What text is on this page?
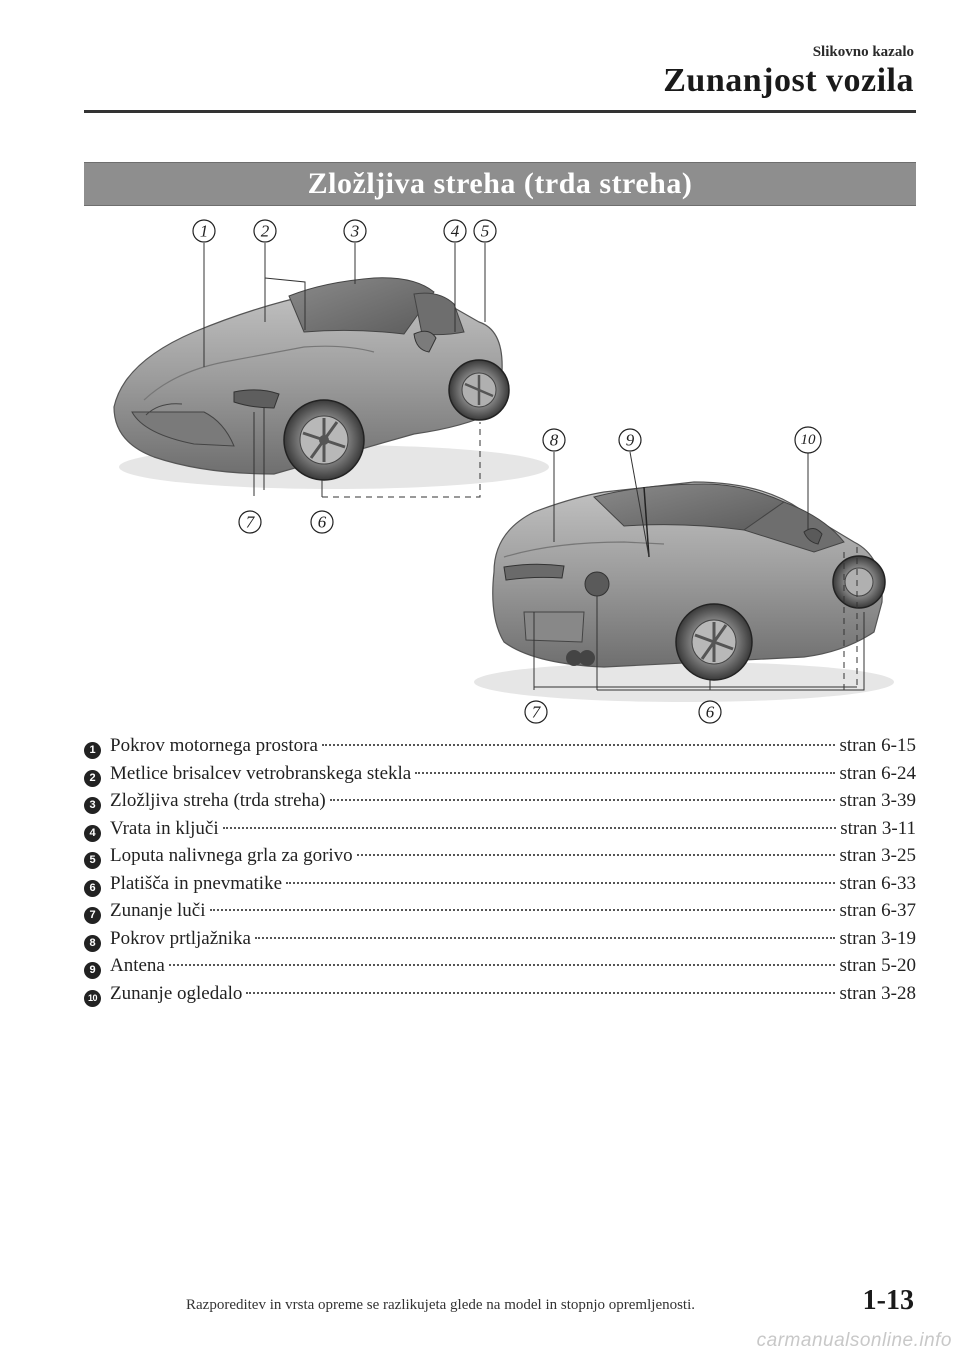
Slikovno kazalo
Zunanjost vozila
Zložljiva streha (trda streha)
1	2	3	4 5
7	6
8	9	10
7	6
1 Pokrov motornega prostora	stran 6-15
2 Metlice brisalcev vetrobranskega stekla	stran 6-24
3 Zložljiva streha (trda streha)	stran 3-39
4 Vrata in ključi	stran 3-11
5 Loputa nalivnega grla za gorivo	stran 3-25
6 Platišča in pnevmatike	stran 6-33
7 Zunanje luči	stran 6-37
8 Pokrov prtljažnika	stran 3-19
9 Antena	stran 5-20
10 Zunanje ogledalo	stran 3-28
Razporeditev in vrsta opreme se razlikujeta glede na model in stopnjo opremljenosti.	1-13
carmanualsonline.info
